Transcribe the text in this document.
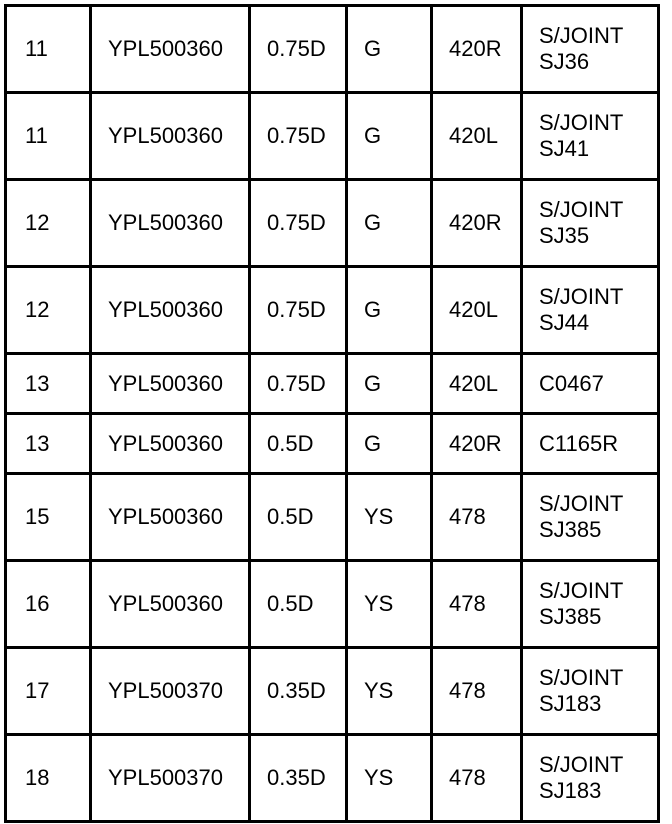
11	YPL500360	0.75D	G	420R	S/JOINT
SJ36

11	YPL500360	0.75D	G	420L	S/JOINT
SJ41

12	YPL500360	0.75D	G	420R	S/JOINT
SJ35

12	YPL500360	0.75D	G	420L	S/JOINT
SJ44

13	YPL500360	0.75D	G	420L	C0467

13	YPL500360	0.5D	G	420R	C1165R

15	YPL500360	0.5D	YS	478	S/JOINT
SJ385

16	YPL500360	0.5D	YS	478	S/JOINT
SJ385

17	YPL500370	0.35D	YS	478	S/JOINT
SJ183

18	YPL500370	0.35D	YS	478	S/JOINT
SJ183
